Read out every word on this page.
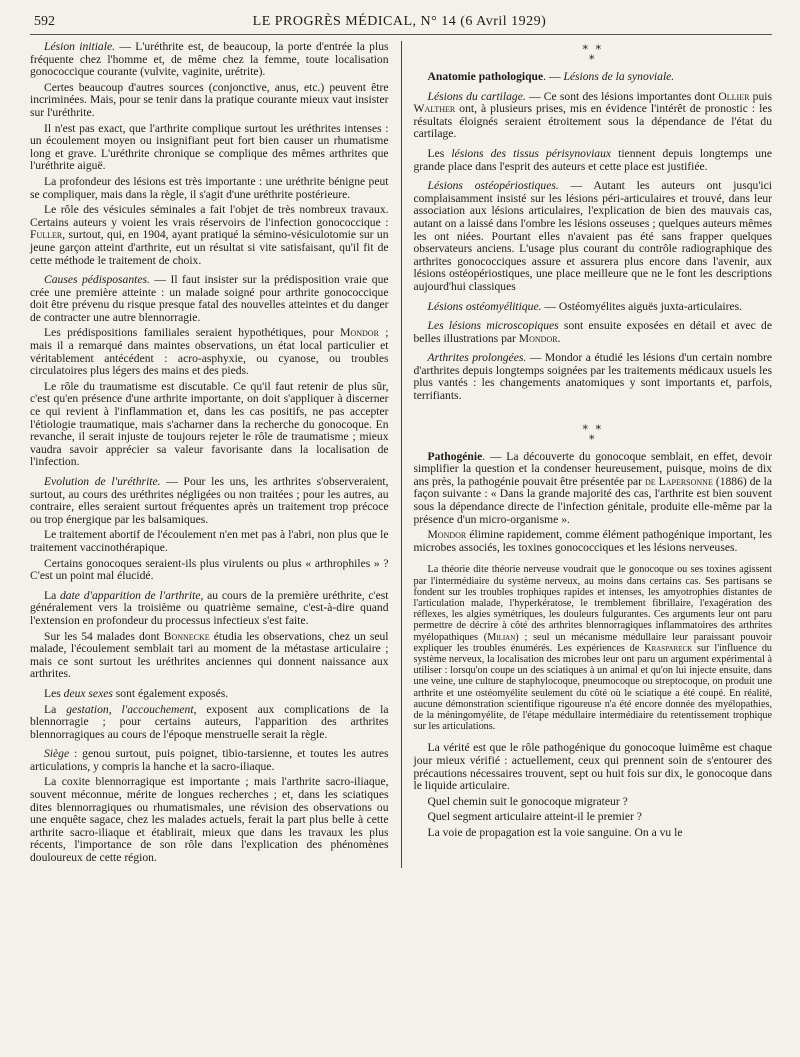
592	LE PROGRÈS MÉDICAL, N° 14 (6 Avril 1929)

Lésion initiale. — L'uréthrite est, de beaucoup, la porte d'entrée la plus fréquente chez l'homme et, de même chez la femme, toute localisation gonococcique courante (vulvite, vaginite, urétrite).

Certes beaucoup d'autres sources (conjonctive, anus, etc.) peuvent être incriminées. Mais, pour se tenir dans la pratique courante mieux vaut insister sur l'uréthrite.

Il n'est pas exact, que l'arthrite complique surtout les uréthrites intenses : un écoulement moyen ou insignifiant peut fort bien causer un rhumatisme long et grave. L'uréthrite chronique se complique des mêmes arthrites que l'uréthrite aiguë.

La profondeur des lésions est très importante : une uréthrite bénigne peut se compliquer, mais dans la règle, il s'agit d'une uréthrite postérieure.

Le rôle des vésicules séminales a fait l'objet de très nombreux travaux. Certains auteurs y voient les vrais réservoirs de l'infection gonococcique : Fuller, surtout, qui, en 1904, ayant pratiqué la sémino-vésiculotomie sur un jeune garçon atteint d'arthrite, eut un résultat si vite satisfaisant, qu'il fit de cette méthode le traitement de choix.

Causes pédisposantes. — Il faut insister sur la prédisposition vraie que crée une première atteinte : un malade soigné pour arthrite gonococcique doit être prévenu du risque presque fatal des nouvelles atteintes et du danger de contracter une autre blennorragie.

Les prédispositions familiales seraient hypothétiques, pour Mondor ; mais il a remarqué dans maintes observations, un état local particulier et véritablement antécédent : acro-asphyxie, ou cyanose, ou troubles circulatoires plus légers des mains et des pieds.

Le rôle du traumatisme est discutable. Ce qu'il faut retenir de plus sûr, c'est qu'en présence d'une arthrite importante, on doit s'appliquer à discerner ce qui revient à l'inflammation et, dans les cas positifs, ne pas accepter l'étiologie traumatique, mais s'acharner dans la recherche du gonocoque. En revanche, il serait injuste de toujours rejeter le rôle de traumatisme ; mieux vaudra savoir apprécier sa valeur favorisante dans la localisation de l'infection.

Evolution de l'uréthrite. — Pour les uns, les arthrites s'observeraient, surtout, au cours des uréthrites négligées ou non traitées ; pour les autres, au contraire, elles seraient surtout fréquentes après un traitement trop précoce ou trop énergique par les balsamiques.

Le traitement abortif de l'écoulement n'en met pas à l'abri, non plus que le traitement vaccinothérapique.

Certains gonocoques seraient-ils plus virulents ou plus « arthrophiles » ? C'est un point mal élucidé.

La date d'apparition de l'arthrite, au cours de la première uréthrite, c'est généralement vers la troisième ou quatrième semaine, c'est-à-dire quand l'extension en profondeur du processus infectieux s'est faite.

Sur les 54 malades dont Bonnecke étudia les observations, chez un seul malade, l'écoulement semblait tari au moment de la métastase articulaire ; mais ce sont surtout les uréthrites anciennes qui donnent naissance aux arthrites.

Les deux sexes sont également exposés.

La gestation, l'accouchement, exposent aux complications de la blennorragie ; pour certains auteurs, l'apparition des arthrites blennorragiques au cours de l'époque menstruelle serait la règle.

Siège : genou surtout, puis poignet, tibio-tarsienne, et toutes les autres articulations, y compris la hanche et la sacro-iliaque.

La coxite blennorragique est importante ; mais l'arthrite sacro-iliaque, souvent méconnue, mérite de longues recherches ; et, dans les sciatiques dites blennorragiques ou rhumatismales, une révision des observations ou une enquête sagace, chez les malades actuels, ferait la part plus belle à cette arthrite sacro-iliaque et établirait, mieux que dans les travaux les plus récents, l'importance de son rôle dans l'explication des phénomènes douloureux de cette région.

* *
*

Anatomie pathologique. — Lésions de la synoviale.

Lésions du cartilage. — Ce sont des lésions importantes dont Ollier puis Walther ont, à plusieurs prises, mis en évidence l'intérêt de pronostic : les résultats éloignés seraient étroitement sous la dépendance de l'état du cartilage.

Les lésions des tissus périsynoviaux tiennent depuis longtemps une grande place dans l'esprit des auteurs et cette place est justifiée.

Lésions ostéopériostiques. — Autant les auteurs ont jusqu'ici complaisamment insisté sur les lésions péri-articulaires et trouvé, dans leur association aux lésions articulaires, l'explication de bien des mauvais cas, autant on a laissé dans l'ombre les lésions osseuses ; quelques auteurs mêmes les ont niées. Pourtant elles n'avaient pas été sans frapper quelques observateurs anciens. L'usage plus courant du contrôle radiographique des arthrites gonococciques assure et assurera plus encore dans l'avenir, aux lésions ostéopériostiques, une place meilleure que ne le font les descriptions aujourd'hui classiques

Lésions ostéomyélitique. — Ostéomyélites aiguës juxta-articulaires.

Les lésions microscopiques sont ensuite exposées en détail et avec de belles illustrations par Mondor.

Arthrites prolongées. — Mondor a étudié les lésions d'un certain nombre d'arthrites depuis longtemps soignées par les traitements médicaux usuels les plus vantés : les changements anatomiques y sont importants et, parfois, terrifiants.

* *
*

Pathogénie. — La découverte du gonocoque semblait, en effet, devoir simplifier la question et la condenser heureusement, puisque, moins de dix ans près, la pathogénie pouvait être présentée par de Lapersonne (1886) de la façon suivante : « Dans la grande majorité des cas, l'arthrite est bien souvent sous la dépendance directe de l'infection génitale, produite elle-même par la présence d'un micro-organisme ».

Mondor élimine rapidement, comme élément pathogénique important, les microbes associés, les toxines gonococciques et les lésions nerveuses.

La théorie dite théorie nerveuse voudrait que le gonocoque ou ses toxines agissent par l'intermédiaire du système nerveux, au moins dans certains cas. Ses partisans se fondent sur les troubles trophiques rapides et intenses, les amyotrophies distantes de l'articulation malade, l'hyperkératose, le tremblement fibrillaire, l'exagération des réflexes, les algies symétriques, les douleurs fulgurantes. Ces arguments leur ont paru permettre de décrire à côté des arthrites blennorragiques inflammatoires des arthrites myélopathiques (Milian) ; seul un mécanisme médullaire leur paraissant pouvoir expliquer les troubles énumérés. Les expériences de Kraspareck sur l'influence du système nerveux, la localisation des microbes leur ont paru un argument expérimental à utiliser : lorsqu'on coupe un des sciatiques à un animal et qu'on lui injecte ensuite, dans une veine, une culture de staphylocoque, pneumocoque ou streptocoque, on produit une arthrite et une ostéomyélite seulement du côté où le sciatique a été coupé. En réalité, aucune démonstration scientifique rigoureuse n'a été encore donnée des myélopathies, de la méningomyélite, de l'étape médullaire intermédiaire du retentissement trophique sur les articulations.

La vérité est que le rôle pathogénique du gonocoque luimême est chaque jour mieux vérifié : actuellement, ceux qui prennent soin de s'entourer des précautions nécessaires trouvent, sept ou huit fois sur dix, le gonocoque dans le liquide articulaire.

Quel chemin suit le gonocoque migrateur ?

Quel segment articulaire atteint-il le premier ?

La voie de propagation est la voie sanguine. On a vu le
